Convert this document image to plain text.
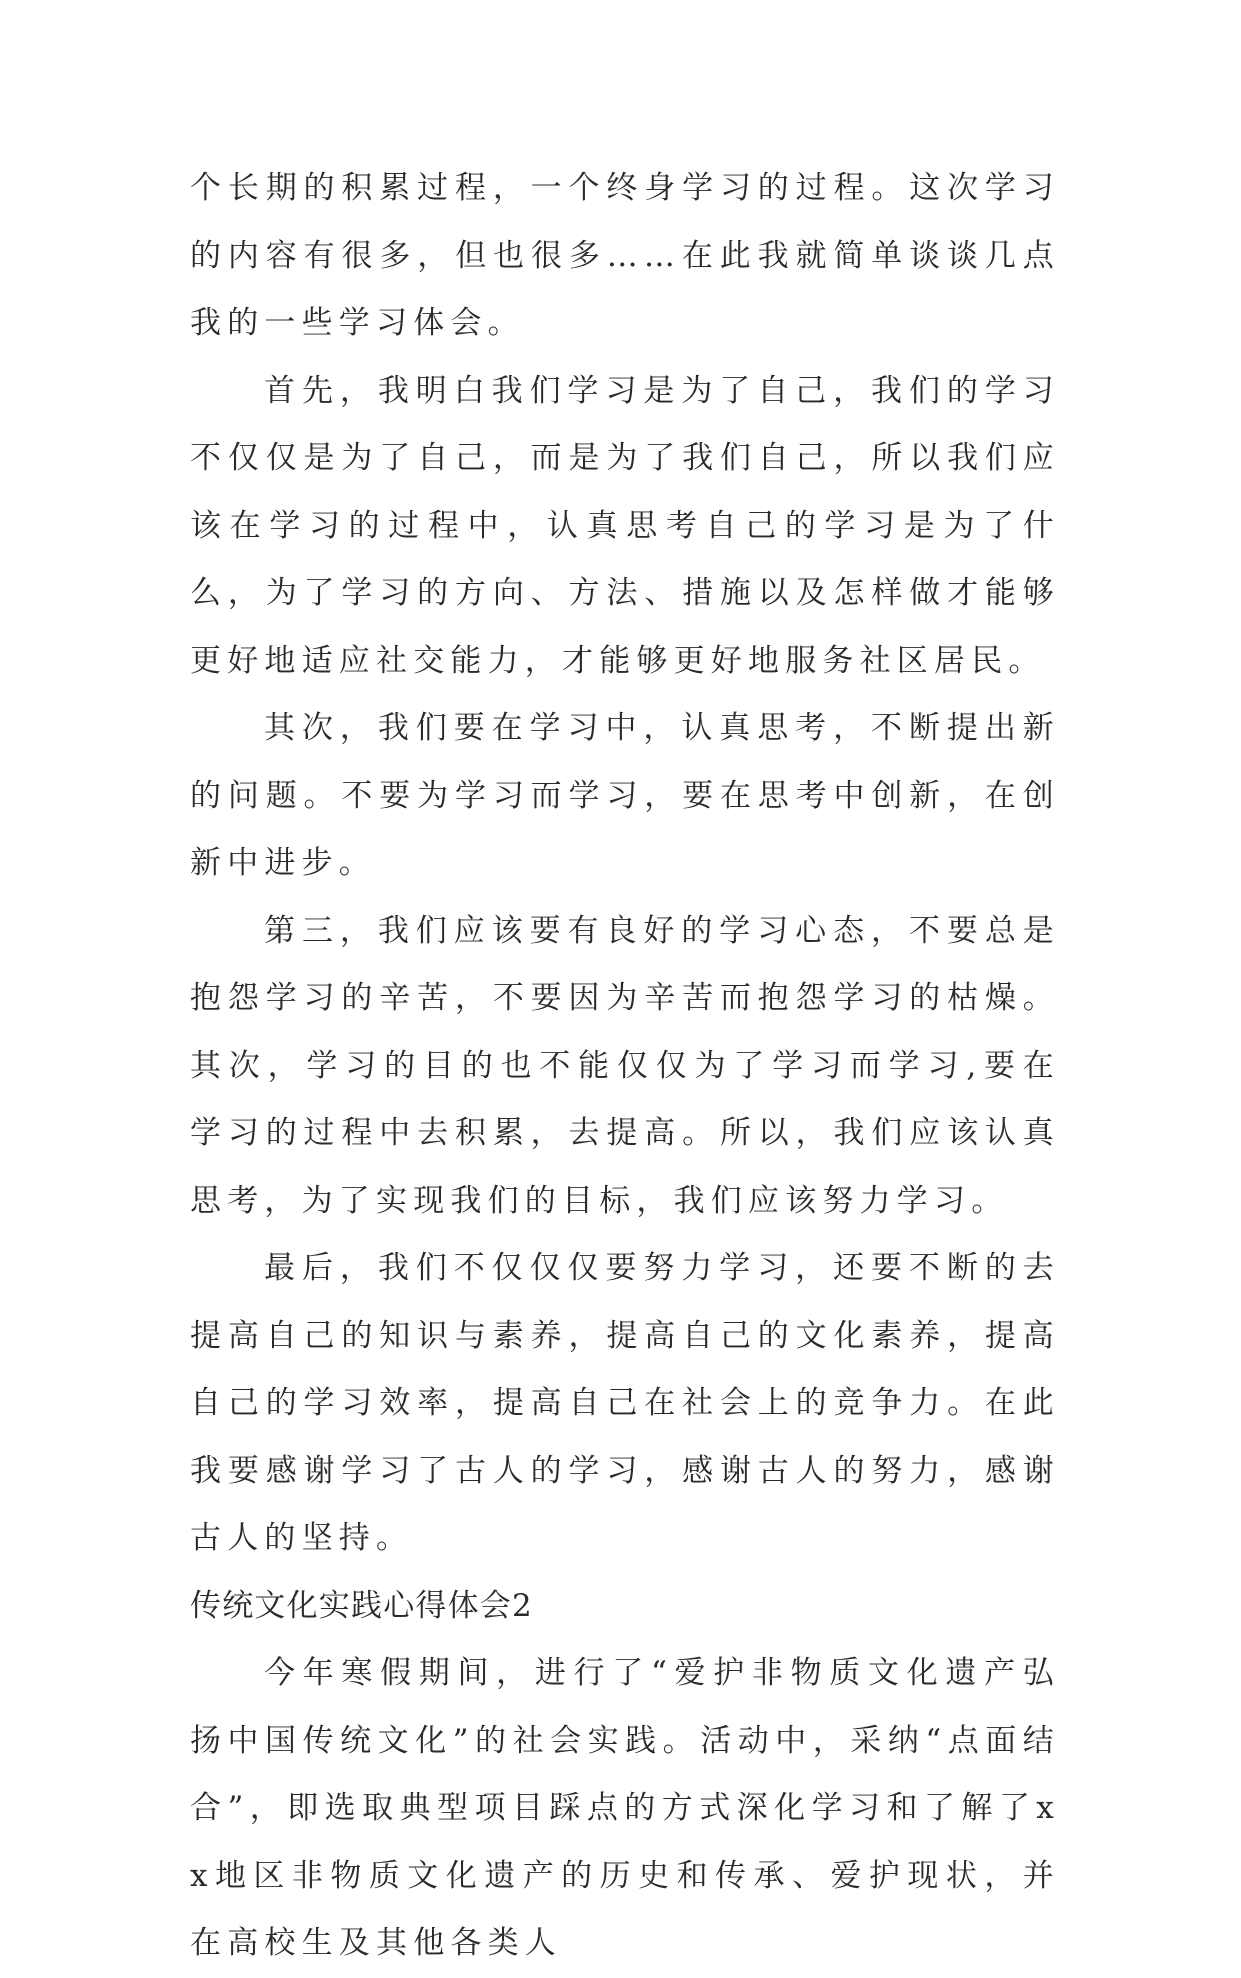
个长期的积累过程，一个终身学习的过程。这次学习的内容有很多，但也很多……在此我就简单谈谈几点我的一些学习体会。

首先，我明白我们学习是为了自己，我们的学习不仅仅是为了自己，而是为了我们自己，所以我们应该在学习的过程中，认真思考自己的学习是为了什么，为了学习的方向、方法、措施以及怎样做才能够更好地适应社交能力，才能够更好地服务社区居民。

其次，我们要在学习中，认真思考，不断提出新的问题。不要为学习而学习，要在思考中创新，在创新中进步。

第三，我们应该要有良好的学习心态，不要总是抱怨学习的辛苦，不要因为辛苦而抱怨学习的枯燥。其次，学习的目的也不能仅仅为了学习而学习,要在学习的过程中去积累，去提高。所以，我们应该认真思考，为了实现我们的目标，我们应该努力学习。

最后，我们不仅仅仅要努力学习，还要不断的去提高自己的知识与素养，提高自己的文化素养，提高自己的学习效率，提高自己在社会上的竞争力。在此我要感谢学习了古人的学习，感谢古人的努力，感谢古人的坚持。

传统文化实践心得体会2

今年寒假期间，进行了“爱护非物质文化遗产弘扬中国传统文化”的社会实践。活动中，采纳“点面结合”，即选取典型项目踩点的方式深化学习和了解了xx地区非物质文化遗产的历史和传承、爱护现状，并在高校生及其他各类人
